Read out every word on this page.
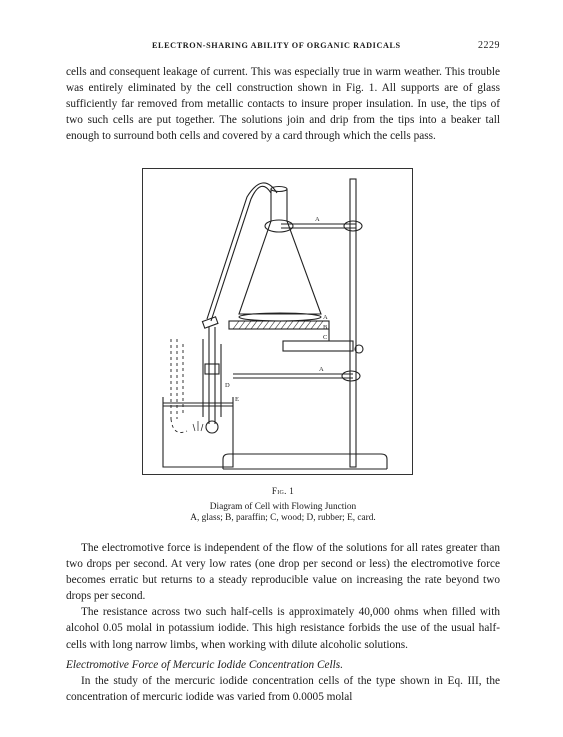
ELECTRON-SHARING ABILITY OF ORGANIC RADICALS	2229

cells and consequent leakage of current. This was especially true in warm weather. This trouble was entirely eliminated by the cell construction shown in Fig. 1. All supports are of glass sufficiently far removed from metallic contacts to insure proper insulation. In use, the tips of two such cells are put together. The solutions join and drip from the tips into a beaker tall enough to surround both cells and covered by a card through which the cells pass.

A
A
B
C
A
D
E
Fig. 1
Diagram of Cell with Flowing Junction
A, glass; B, paraffin; C, wood; D, rubber; E, card.

The electromotive force is independent of the flow of the solutions for all rates greater than two drops per second. At very low rates (one drop per second or less) the electromotive force becomes erratic but returns to a steady reproducible value on increasing the rate beyond two drops per second.

The resistance across two such half-cells is approximately 40,000 ohms when filled with alcohol 0.05 molal in potassium iodide. This high resistance forbids the use of the usual half-cells with long narrow limbs, when working with dilute alcoholic solutions.

Electromotive Force of Mercuric Iodide Concentration Cells.

In the study of the mercuric iodide concentration cells of the type shown in Eq. III, the concentration of mercuric iodide was varied from 0.0005 molal
